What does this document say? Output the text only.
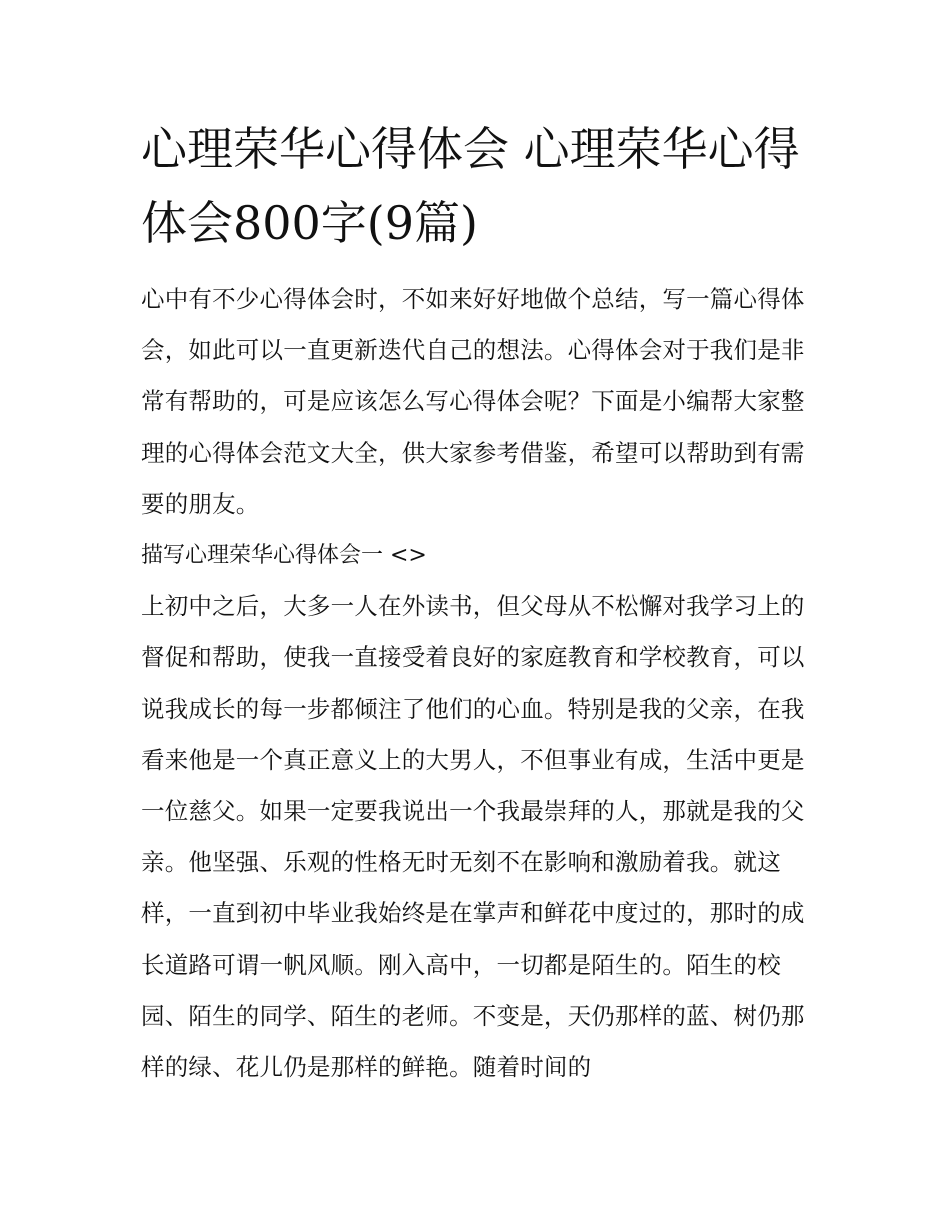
心理荣华心得体会 心理荣华心得体会800字(9篇)

心中有不少心得体会时，不如来好好地做个总结，写一篇心得体会，如此可以一直更新迭代自己的想法。心得体会对于我们是非常有帮助的，可是应该怎么写心得体会呢？下面是小编帮大家整理的心得体会范文大全，供大家参考借鉴，希望可以帮助到有需要的朋友。

描写心理荣华心得体会一 <>

上初中之后，大多一人在外读书，但父母从不松懈对我学习上的督促和帮助，使我一直接受着良好的家庭教育和学校教育，可以说我成长的每一步都倾注了他们的心血。特别是我的父亲，在我看来他是一个真正意义上的大男人，不但事业有成，生活中更是一位慈父。如果一定要我说出一个我最崇拜的人，那就是我的父亲。他坚强、乐观的性格无时无刻不在影响和激励着我。就这样，一直到初中毕业我始终是在掌声和鲜花中度过的，那时的成长道路可谓一帆风顺。刚入高中，一切都是陌生的。陌生的校园、陌生的同学、陌生的老师。不变是，天仍那样的蓝、树仍那样的绿、花儿仍是那样的鲜艳。随着时间的
